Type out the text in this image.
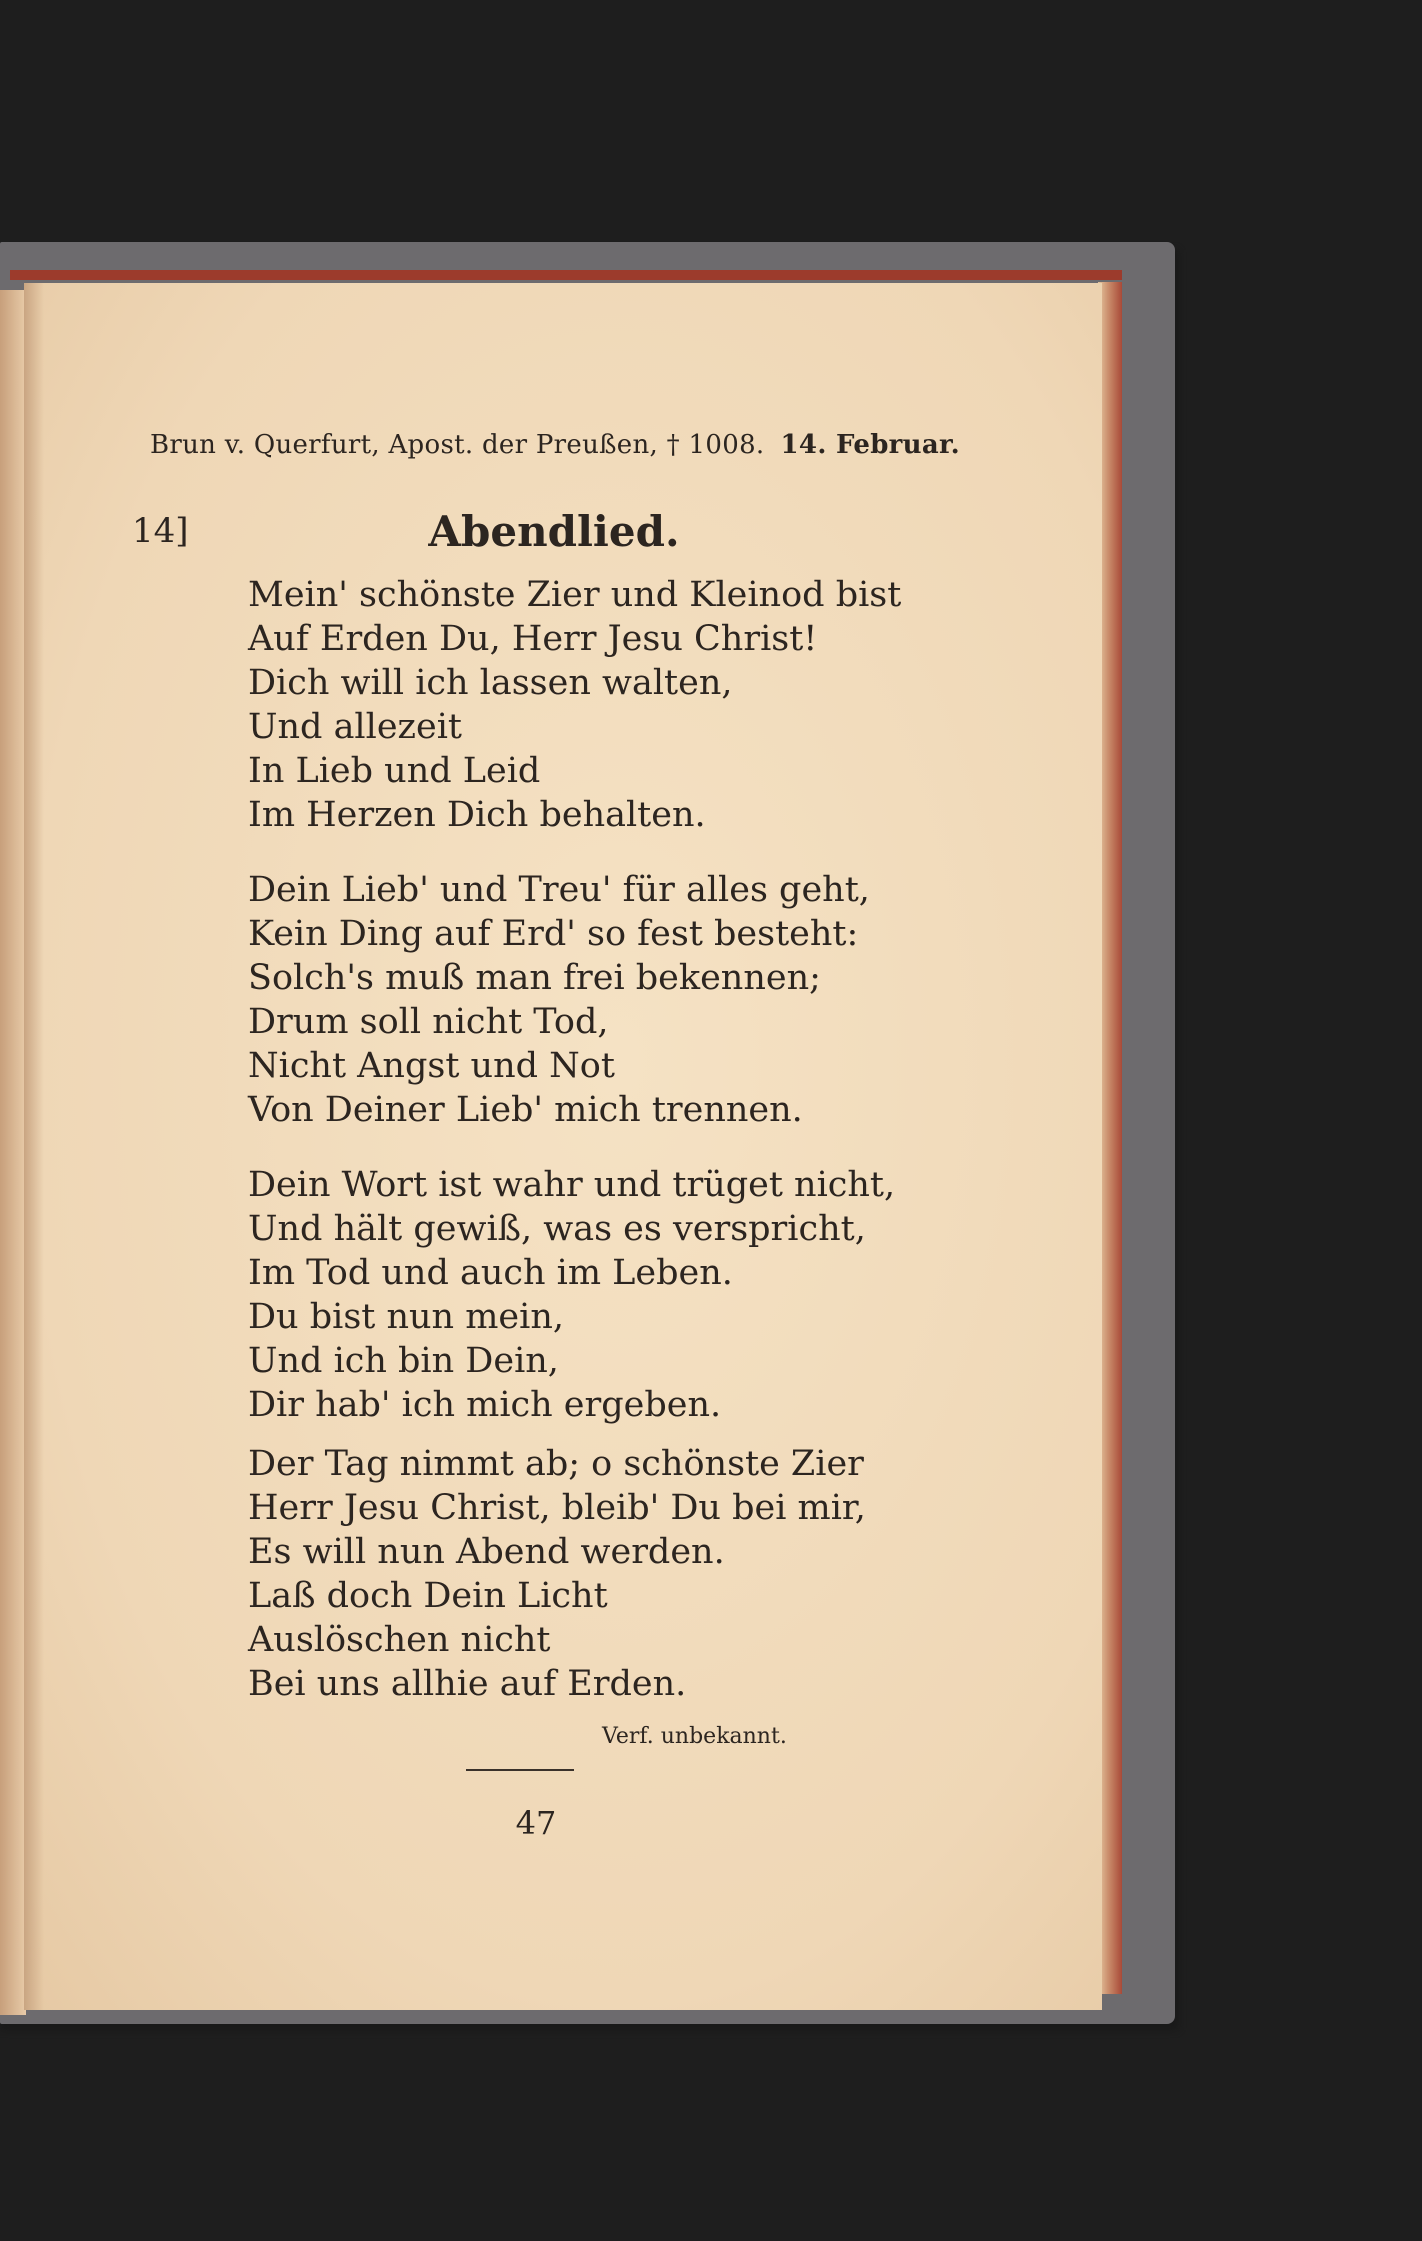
Brun v. Querfurt, Apost. der Preußen, † 1008. 14. Februar.
14]	Abendlied.
Mein' schönste Zier und Kleinod bist
Auf Erden Du, Herr Jesu Christ!
Dich will ich lassen walten,
Und allezeit
In Lieb und Leid
Im Herzen Dich behalten.
Dein Lieb' und Treu' für alles geht,
Kein Ding auf Erd' so fest besteht:
Solch's muß man frei bekennen;
Drum soll nicht Tod,
Nicht Angst und Not
Von Deiner Lieb' mich trennen.
Dein Wort ist wahr und trüget nicht,
Und hält gewiß, was es verspricht,
Im Tod und auch im Leben.
Du bist nun mein,
Und ich bin Dein,
Dir hab' ich mich ergeben.
Der Tag nimmt ab; o schönste Zier
Herr Jesu Christ, bleib' Du bei mir,
Es will nun Abend werden.
Laß doch Dein Licht
Auslöschen nicht
Bei uns allhie auf Erden.
Verf. unbekannt.
47
